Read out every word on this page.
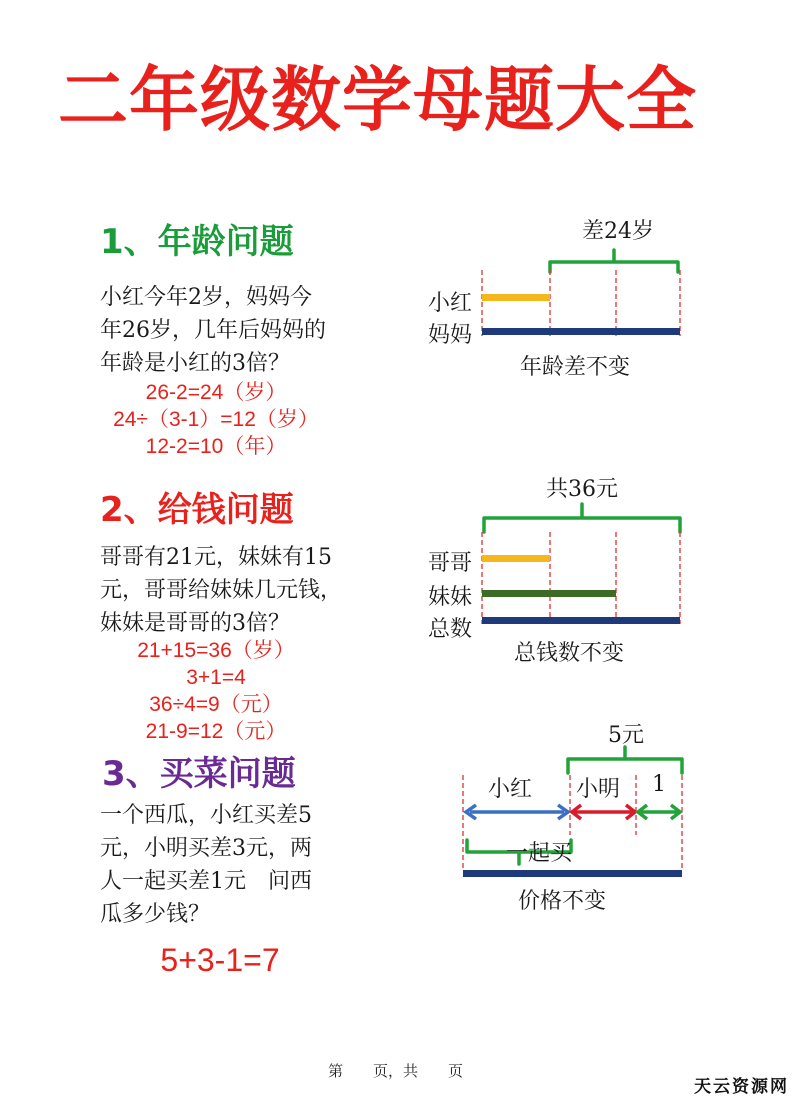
二年级数学母题大全
1、年龄问题
小红今年2岁，妈妈今
年26岁，几年后妈妈的
年龄是小红的3倍？
26-2=24（岁）
24÷（3-1）=12（岁）
12-2=10（年）
2、给钱问题
哥哥有21元，妹妹有15
元，哥哥给妹妹几元钱，
妹妹是哥哥的3倍？
21+15=36（岁）
3+1=4
36÷4=9（元）
21-9=12（元）
3、买菜问题
一个西瓜，小红买差5
元，小明买差3元，两
人一起买差1元　问西
瓜多少钱？
5+3-1=7
差24岁
小红
妈妈
年龄差不变
共36元
哥哥
妹妹
总数
总钱数不变
5元
小红 小明 1
一起买
价格不变
第　　页，共　　页
天云资源网
